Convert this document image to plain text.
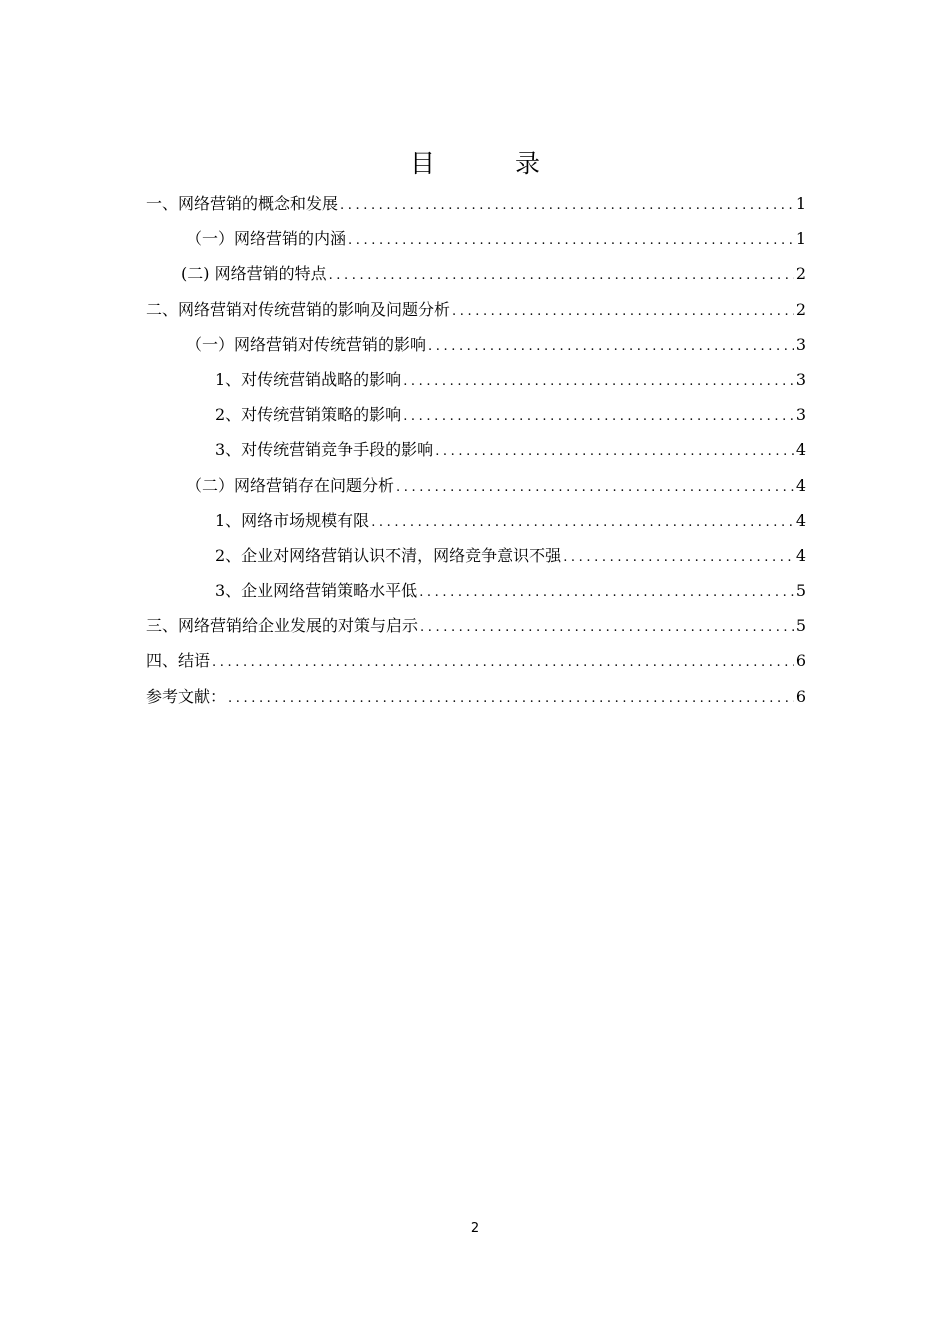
目 录
一、网络营销的概念和发展 .....	1
（一）网络营销的内涵 .....	1
(二) 网络营销的特点 .....	2
二、网络营销对传统营销的影响及问题分析 .....	2
（一）网络营销对传统营销的影响 .....	3
1、对传统营销战略的影响 .....	3
2、对传统营销策略的影响 .....	3
3、对传统营销竞争手段的影响 .....	4
（二）网络营销存在问题分析 .....	4
1、网络市场规模有限 .....	4
2、企业对网络营销认识不清，网络竞争意识不强 .....	4
3、企业网络营销策略水平低 .....	5
三、网络营销给企业发展的对策与启示 .....	5
四、结语 .....	6
参考文献： .....	6
2
